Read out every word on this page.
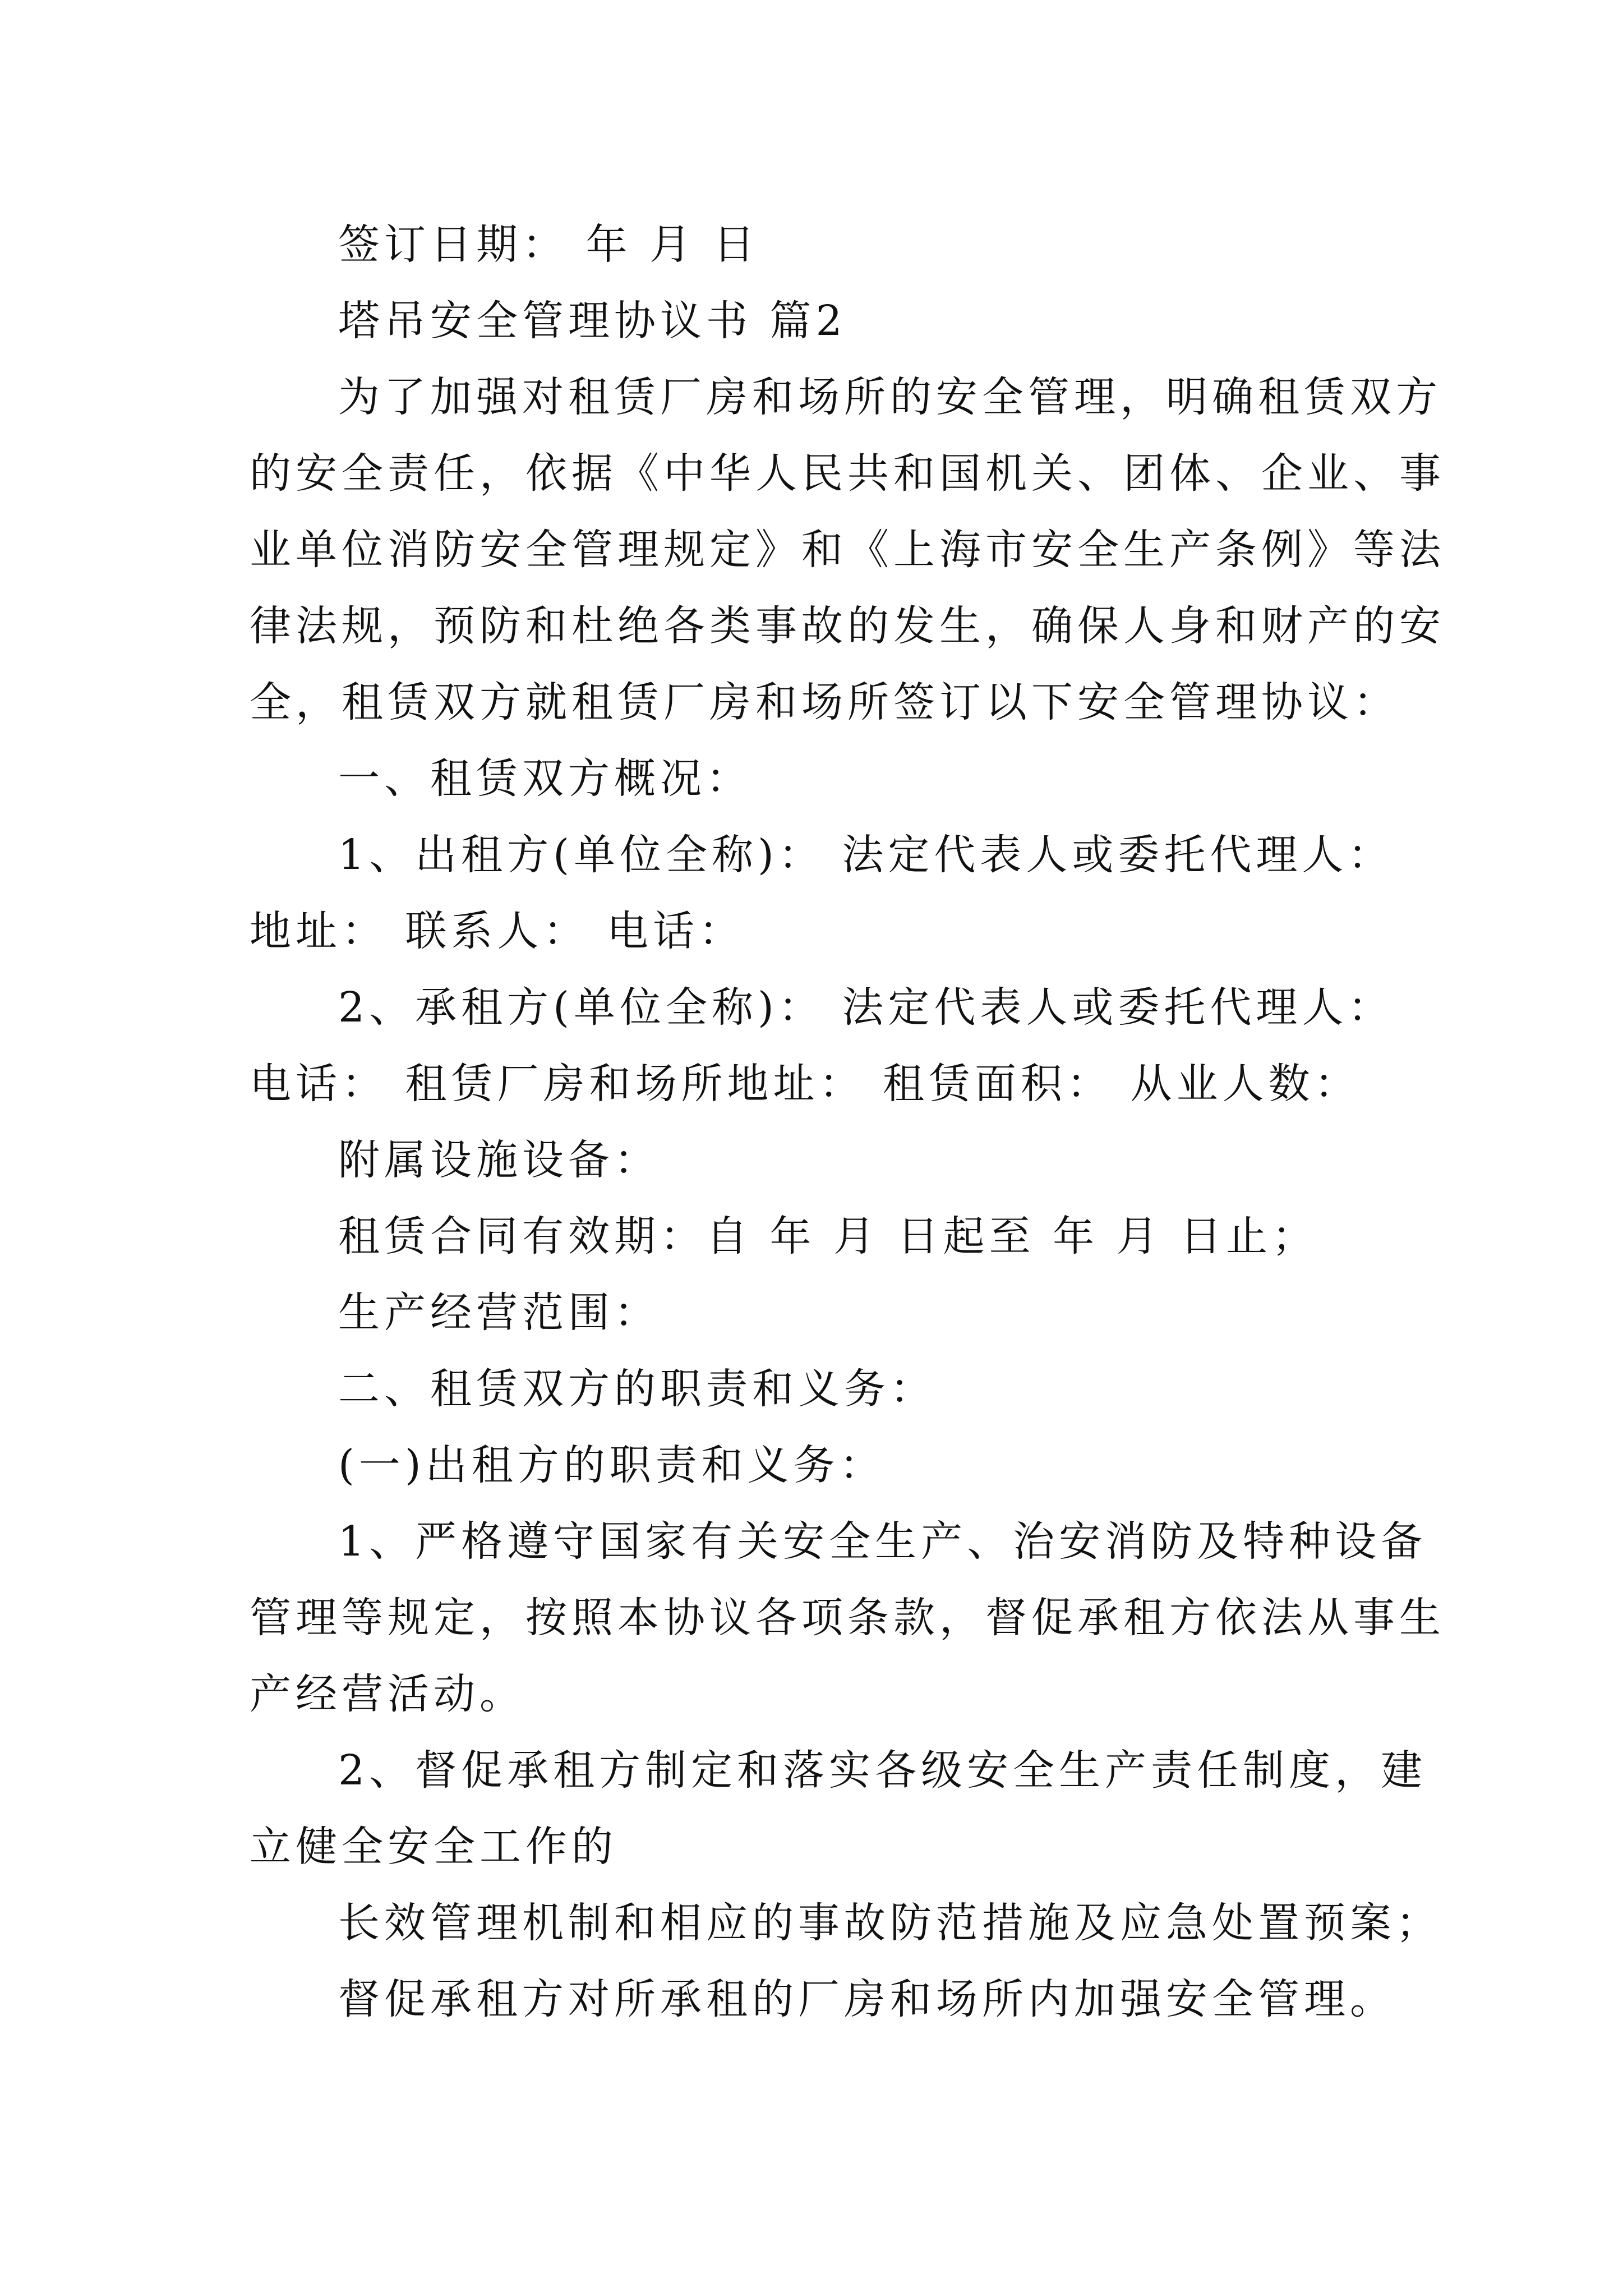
签订日期： 年 月 日
塔吊安全管理协议书 篇2
为了加强对租赁厂房和场所的安全管理，明确租赁双方
的安全责任，依据《中华人民共和国机关、团体、企业、事
业单位消防安全管理规定》和《上海市安全生产条例》等法
律法规，预防和杜绝各类事故的发生，确保人身和财产的安
全，租赁双方就租赁厂房和场所签订以下安全管理协议：
一、租赁双方概况：
1、出租方(单位全称)： 法定代表人或委托代理人：
地址： 联系人： 电话：
2、承租方(单位全称)： 法定代表人或委托代理人：
电话： 租赁厂房和场所地址： 租赁面积： 从业人数：
附属设施设备：
租赁合同有效期：自 年 月 日起至 年 月 日止；
生产经营范围：
二、租赁双方的职责和义务：
(一)出租方的职责和义务：
1、严格遵守国家有关安全生产、治安消防及特种设备
管理等规定，按照本协议各项条款，督促承租方依法从事生
产经营活动。
2、督促承租方制定和落实各级安全生产责任制度，建
立健全安全工作的
长效管理机制和相应的事故防范措施及应急处置预案；
督促承租方对所承租的厂房和场所内加强安全管理。
